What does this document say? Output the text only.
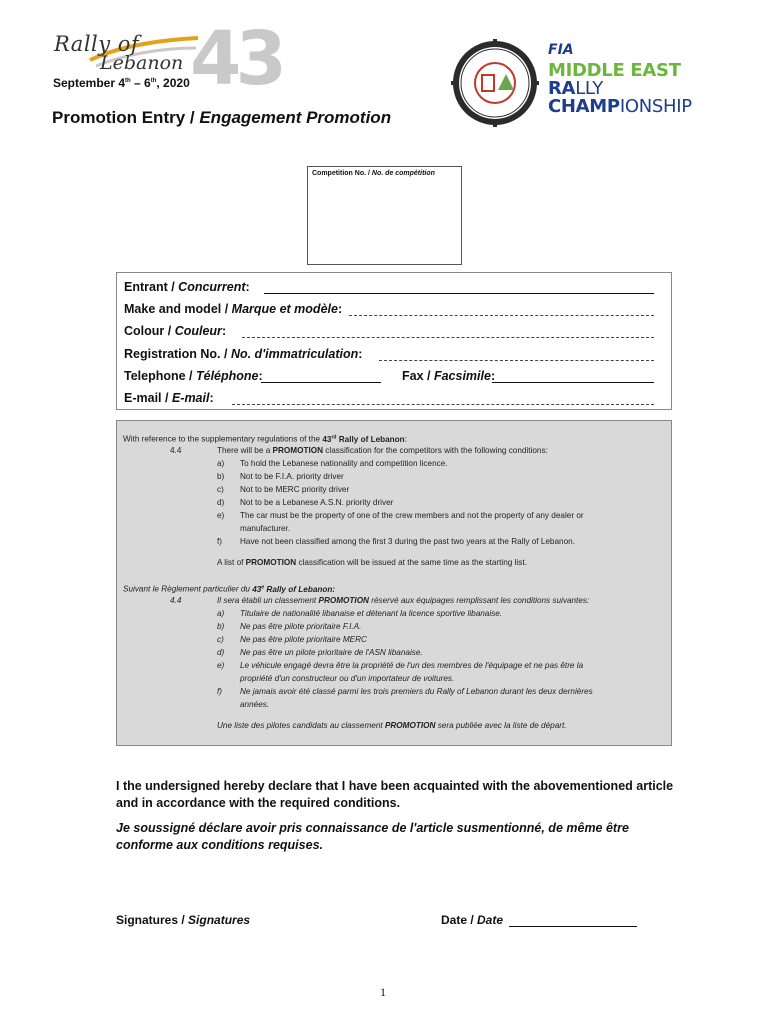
Rally of
Lebanon
September 4th – 6th, 2020 43	FIA
MIDDLE EAST
RALLY
CHAMPIONSHIP
Promotion Entry / Engagement Promotion
Competition No. / No. de compétition
Entrant / Concurrent:
Make and model / Marque et modèle:
Colour / Couleur:
Registration No. / No. d'immatriculation:
Telephone / Téléphone:	Fax / Facsimile:
E-mail / E-mail:
With reference to the supplementary regulations of the 43rd Rally of Lebanon:
4.4	There will be a PROMOTION classification for the competitors with the following conditions:
a) To hold the Lebanese nationality and competition licence.
b) Not to be F.I.A. priority driver
c) Not to be MERC priority driver
d) Not to be a Lebanese A.S.N. priority driver
e) The car must be the property of one of the crew members and not the property of any dealer or
manufacturer.
f) Have not been classified among the first 3 during the past two years at the Rally of Lebanon.
A list of PROMOTION classification will be issued at the same time as the starting list.
Suivant le Règlement particulier du 43e Rally of Lebanon:
4.4	Il sera établi un classement PROMOTION réservé aux équipages remplissant les conditions suivantes:
a) Titulaire de nationalité libanaise et détenant la licence sportive libanaise.
b) Ne pas être pilote prioritaire F.I.A.
c) Ne pas être pilote prioritaire MERC
d) Ne pas être un pilote prioritaire de l'ASN libanaise.
e) Le véhicule engagé devra être la propriété de l'un des membres de l'équipage et ne pas être la
propriété d'un constructeur ou d'un importateur de voitures.
f) Ne jamais avoir été classé parmi les trois premiers du Rally of Lebanon durant les deux dernières
années.
Une liste des pilotes candidats au classement PROMOTION sera publiée avec la liste de départ.
I the undersigned hereby declare that I have been acquainted with the abovementioned article and in accordance with the required conditions.
Je soussigné déclare avoir pris connaissance de l'article susmentionné, de même être conforme aux conditions requises.
Signatures / Signatures	Date / Date
1
